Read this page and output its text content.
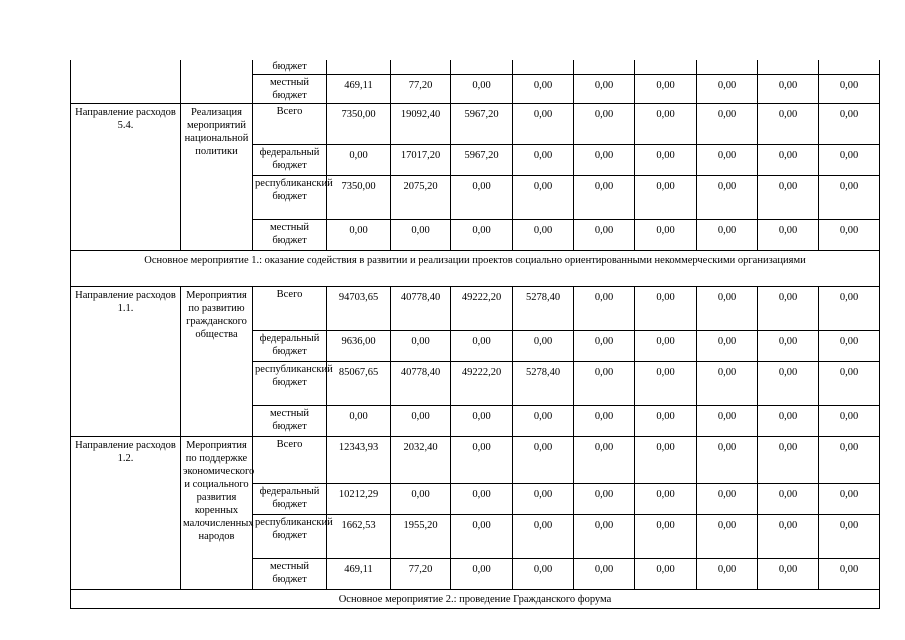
		бюджет									
		местный бюджет	469,11	77,20	0,00	0,00	0,00	0,00	0,00	0,00	0,00
Направление расходов 5.4.	Реализация мероприятий национальной политики	Всего	7350,00	19092,40	5967,20	0,00	0,00	0,00	0,00	0,00	0,00
		федеральный бюджет	0,00	17017,20	5967,20	0,00	0,00	0,00	0,00	0,00	0,00
		республиканский бюджет	7350,00	2075,20	0,00	0,00	0,00	0,00	0,00	0,00	0,00
		местный бюджет	0,00	0,00	0,00	0,00	0,00	0,00	0,00	0,00	0,00
Основное мероприятие 1.: оказание содействия в развитии и реализации проектов социально ориентированными некоммерческими организациями											
Направление расходов 1.1.	Мероприятия по развитию гражданского общества	Всего	94703,65	40778,40	49222,20	5278,40	0,00	0,00	0,00	0,00	0,00
		федеральный бюджет	9636,00	0,00	0,00	0,00	0,00	0,00	0,00	0,00	0,00
		республиканский бюджет	85067,65	40778,40	49222,20	5278,40	0,00	0,00	0,00	0,00	0,00
		местный бюджет	0,00	0,00	0,00	0,00	0,00	0,00	0,00	0,00	0,00
Направление расходов 1.2.	Мероприятия по поддержке экономического и социального развития коренных малочисленных народов	Всего	12343,93	2032,40	0,00	0,00	0,00	0,00	0,00	0,00	0,00
		федеральный бюджет	10212,29	0,00	0,00	0,00	0,00	0,00	0,00	0,00	0,00
		республиканский бюджет	1662,53	1955,20	0,00	0,00	0,00	0,00	0,00	0,00	0,00
		местный бюджет	469,11	77,20	0,00	0,00	0,00	0,00	0,00	0,00	0,00
Основное мероприятие 2.: проведение Гражданского форума											
